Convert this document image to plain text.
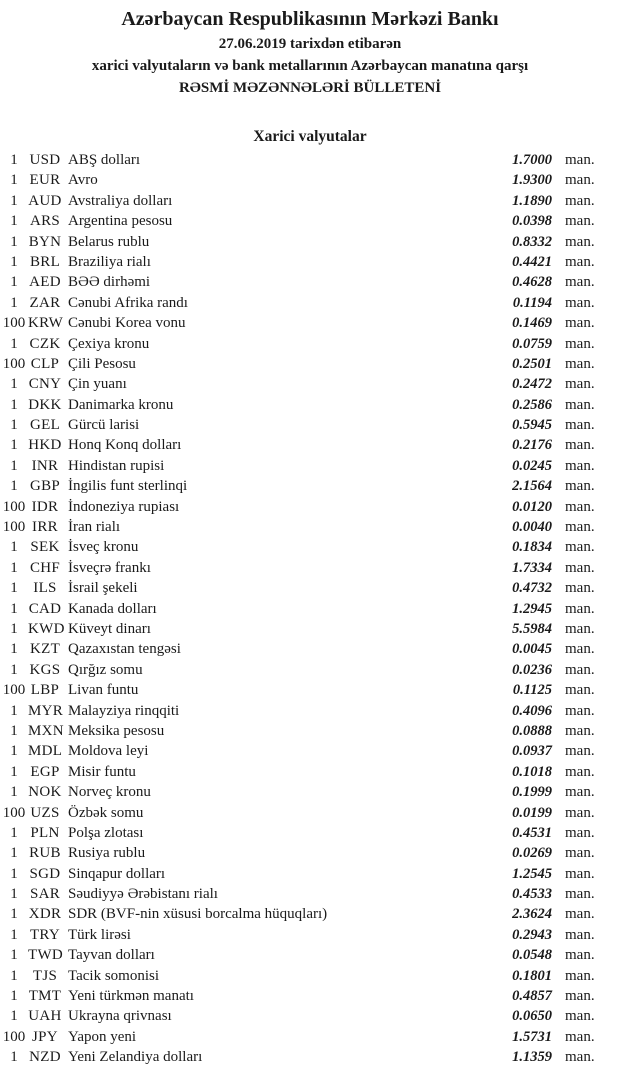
Azərbaycan Respublikasının Mərkəzi Bankı
27.06.2019 tarixdən etibarən
xarici valyutaların və bank metallarının Azərbaycan manatına qarşı
RƏSMİ MƏZƏNNƏLƏRİ BÜLLETENİ
Xarici valyutalar
1 USD ABŞ dolları	1.7000 man.
1 EUR Avro	1.9300 man.
1 AUD Avstraliya dolları	1.1890 man.
1 ARS Argentina pesosu	0.0398 man.
1 BYN Belarus rublu	0.8332 man.
1 BRL Braziliya rialı	0.4421 man.
1 AED BƏƏ dirhəmi	0.4628 man.
1 ZAR Cənubi Afrika randı	0.1194 man.
100 KRW Cənubi Korea vonu	0.1469 man.
1 CZK Çexiya kronu	0.0759 man.
100 CLP Çili Pesosu	0.2501 man.
1 CNY Çin yuanı	0.2472 man.
1 DKK Danimarka kronu	0.2586 man.
1 GEL Gürcü larisi	0.5945 man.
1 HKD Honq Konq dolları	0.2176 man.
1 INR Hindistan rupisi	0.0245 man.
1 GBP İngilis funt sterlinqi	2.1564 man.
100 IDR İndoneziya rupiası	0.0120 man.
100 IRR İran rialı	0.0040 man.
1 SEK İsveç kronu	0.1834 man.
1 CHF İsveçrə frankı	1.7334 man.
1	ILS İsrail şekeli	0.4732 man.
1 CAD Kanada dolları	1.2945 man.
1 KWD Küveyt dinarı	5.5984 man.
1 KZT Qazaxıstan tengəsi	0.0045 man.
1 KGS Qırğız somu	0.0236 man.
100 LBP Livan funtu	0.1125 man.
1 MYR Malayziya rinqqiti	0.4096 man.
1 MXN Meksika pesosu	0.0888 man.
1 MDL Moldova leyi	0.0937 man.
1 EGP Misir funtu	0.1018 man.
1 NOK Norveç kronu	0.1999 man.
100 UZS Özbək somu	0.0199 man.
1 PLN Polşa zlotası	0.4531 man.
1 RUB Rusiya rublu	0.0269 man.
1 SGD Sinqapur dolları	1.2545 man.
1 SAR Səudiyyə Ərəbistanı rialı	0.4533 man.
1 XDR SDR (BVF-nin xüsusi borcalma hüquqları)	2.3624 man.
1 TRY Türk lirəsi	0.2943 man.
1 TWD Tayvan dolları	0.0548 man.
1	TJS Tacik somonisi	0.1801 man.
1 TMT Yeni türkmən manatı	0.4857 man.
1 UAH Ukrayna qrivnası	0.0650 man.
100 JPY Yapon yeni	1.5731 man.
1 NZD Yeni Zelandiya dolları	1.1359 man.
